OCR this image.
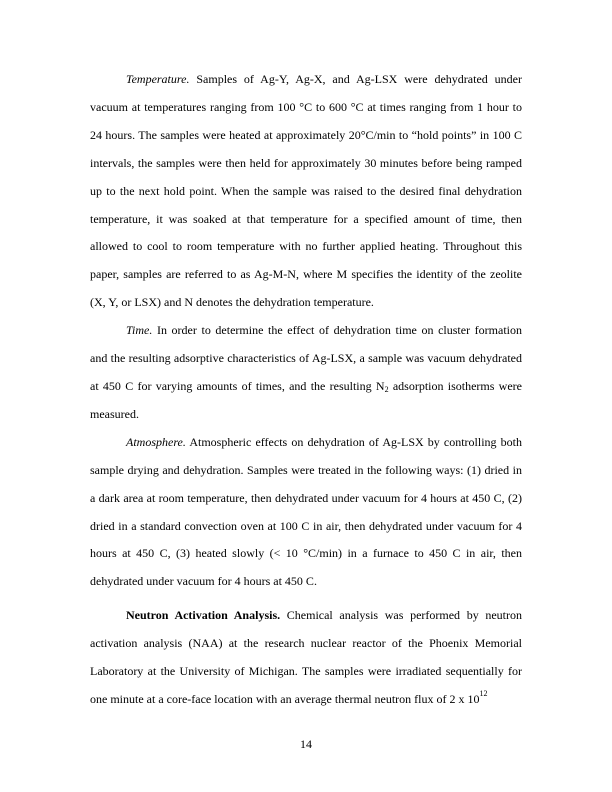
Temperature. Samples of Ag-Y, Ag-X, and Ag-LSX were dehydrated under vacuum at temperatures ranging from 100 °C to 600 °C at times ranging from 1 hour to 24 hours. The samples were heated at approximately 20°C/min to “hold points” in 100 C intervals, the samples were then held for approximately 30 minutes before being ramped up to the next hold point. When the sample was raised to the desired final dehydration temperature, it was soaked at that temperature for a specified amount of time, then allowed to cool to room temperature with no further applied heating. Throughout this paper, samples are referred to as Ag-M-N, where M specifies the identity of the zeolite (X, Y, or LSX) and N denotes the dehydration temperature.

Time. In order to determine the effect of dehydration time on cluster formation and the resulting adsorptive characteristics of Ag-LSX, a sample was vacuum dehydrated at 450 C for varying amounts of times, and the resulting $N_2$ adsorption isotherms were measured.

Atmosphere. Atmospheric effects on dehydration of Ag-LSX by controlling both sample drying and dehydration. Samples were treated in the following ways: (1) dried in a dark area at room temperature, then dehydrated under vacuum for 4 hours at 450 C, (2) dried in a standard convection oven at 100 C in air, then dehydrated under vacuum for 4 hours at 450 C, (3) heated slowly (< 10 °C/min) in a furnace to 450 C in air, then dehydrated under vacuum for 4 hours at 450 C.

Neutron Activation Analysis. Chemical analysis was performed by neutron activation analysis (NAA) at the research nuclear reactor of the Phoenix Memorial Laboratory at the University of Michigan. The samples were irradiated sequentially for one minute at a core-face location with an average thermal neutron flux of 2 x $10^{12}$

14
